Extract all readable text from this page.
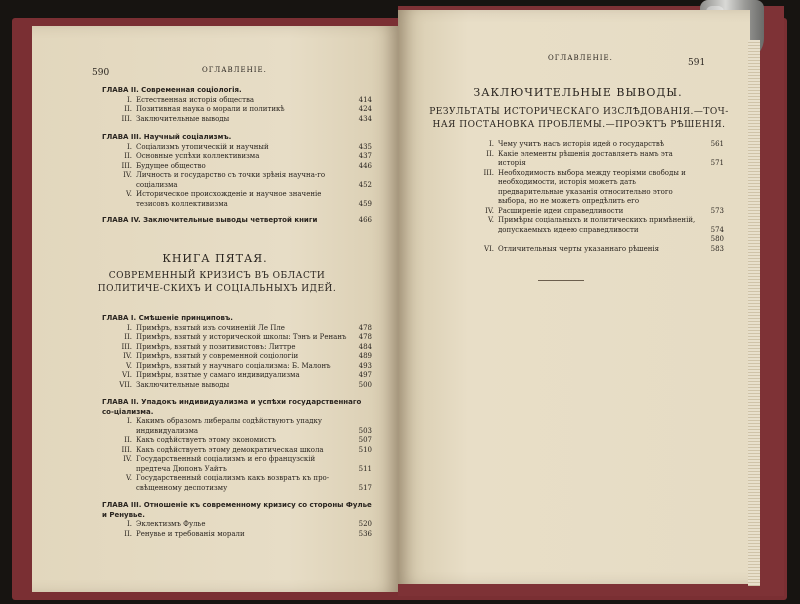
590	ОГЛАВЛЕНІЕ.
ГЛАВА II. Современная соціологія.
I. Естественная исторія общества	414
II. Позитивная наука о морали и политикѣ	424
III. Заключительные выводы	434
ГЛАВА III. Научный соціализмъ.
I. Соціализмъ утопическій и научный	435
II. Основные успѣхи коллективизма	437
III. Будущее общество	446
IV. Личность и государство съ точки зрѣнія научна-го соціализма	452
V. Историческое происхожденіе и научное значеніе тезисовъ коллективизма	459
ГЛАВА IV. Заключительные выводы четвертой книги	466
КНИГА ПЯТАЯ.
СОВРЕМЕННЫЙ КРИЗИСЪ ВЪ ОБЛАСТИ ПОЛИТИЧЕ-СКИХЪ И СОЦІАЛЬНЫХЪ ИДЕЙ.
ГЛАВА I. Смѣшеніе принциповъ.
I. Примѣръ, взятый изъ сочиненій Ле Пле	478
II. Примѣръ, взятый у исторической школы: Тэнъ и Ренанъ	478
III. Примѣръ, взятый у позитивистовъ: Литтре	484
IV. Примѣръ, взятый у современной соціологіи	489
V. Примѣръ, взятый у научнаго соціализма: Б. Малонъ	493
VI. Примѣры, взятые у самаго индивидуализма	497
VII. Заключительные выводы	500
ГЛАВА II. Упадокъ индивидуализма и успѣхи государственнаго со-ціализма.
I. Какимъ образомъ либералы содѣйствуютъ упадку индивидуализма	503
II. Какъ содѣйствуетъ этому экономистъ	507
III. Какъ содѣйствуетъ этому демократическая школа	510
IV. Государственный соціализмъ и его французскій предтеча Дюпонъ Уайтъ	511
V. Государственный соціализмъ какъ возвратъ къ про-свѣщенному деспотизму	517
ГЛАВА III. Отношеніе къ современному кризису со стороны Фулье и Ренувье.
I. Эклектизмъ Фулье	520
II. Ренувье и требованія морали	536
ОГЛАВЛЕНІЕ.	591
ЗАКЛЮЧИТЕЛЬНЫЕ ВЫВОДЫ.
РЕЗУЛЬТАТЫ ИСТОРИЧЕСКАГО ИЗСЛѢДОВАНІЯ.—ТОЧ-НАЯ ПОСТАНОВКА ПРОБЛЕМЫ.—ПРОЭКТЪ РѢШЕНІЯ.
I. Чему учитъ насъ исторія идей о государствѣ	561
II. Какіе элементы рѣшенія доставляетъ намъ эта исторія	571
III. Необходимость выбора между теоріями свободы и необходимости, исторія можетъ дать предварительные указанія относительно этого выбора, но не можетъ опредѣлить его
IV. Расширеніе идеи справедливости	573
V. Примѣры соціальныхъ и политическихъ примѣненій, допускаемыхъ идеею справедливости	574
580
VI. Отличительныя черты указаннаго рѣшенія	583
